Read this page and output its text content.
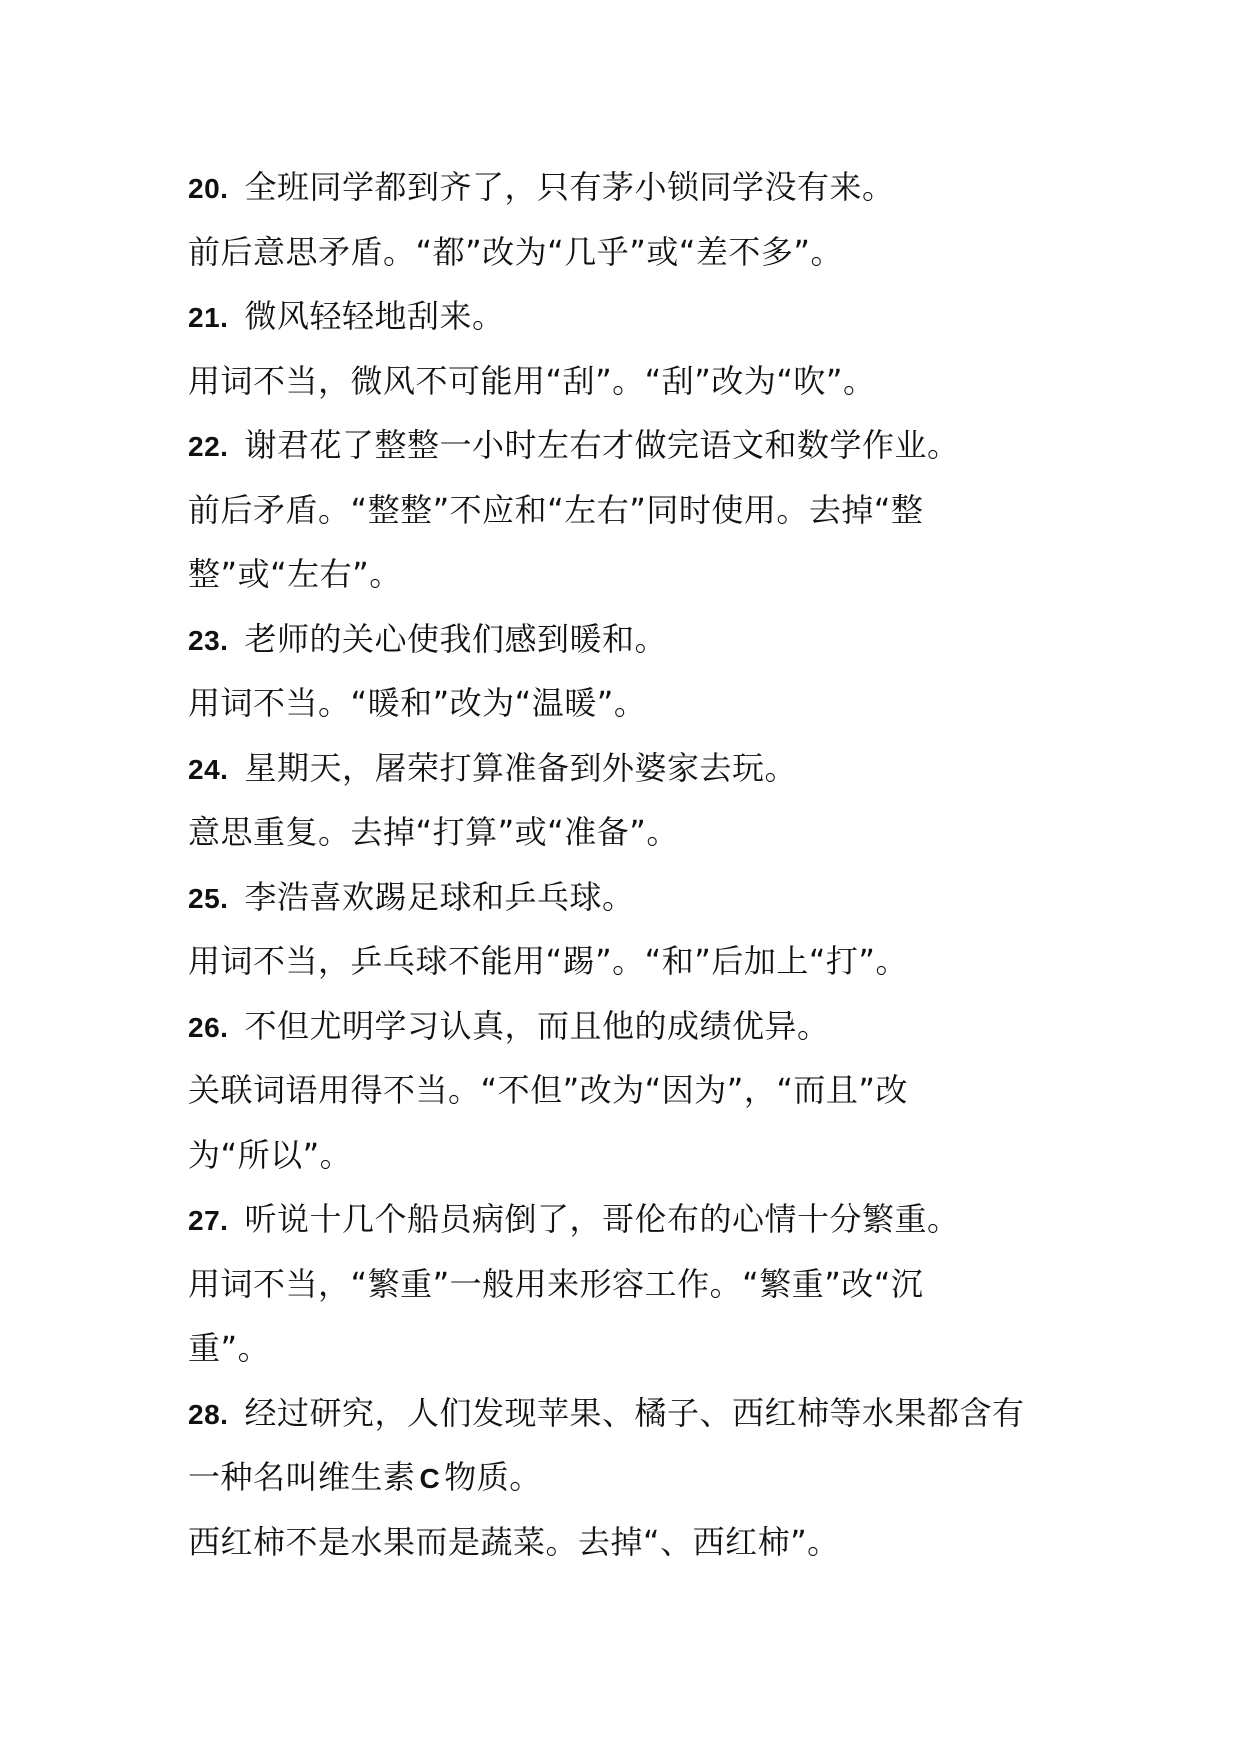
20. 全班同学都到齐了，只有茅小锁同学没有来。
前后意思矛盾。“都”改为“几乎”或“差不多”。
21. 微风轻轻地刮来。
用词不当，微风不可能用“刮”。“刮”改为“吹”。
22. 谢君花了整整一小时左右才做完语文和数学作业。
前后矛盾。“整整”不应和“左右”同时使用。去掉“整
整”或“左右”。
23. 老师的关心使我们感到暖和。
用词不当。“暖和”改为“温暖”。
24. 星期天，屠荣打算准备到外婆家去玩。
意思重复。去掉“打算”或“准备”。
25. 李浩喜欢踢足球和乒乓球。
用词不当，乒乓球不能用“踢”。“和”后加上“打”。
26. 不但尤明学习认真，而且他的成绩优异。
关联词语用得不当。“不但”改为“因为”，“而且”改
为“所以”。
27. 听说十几个船员病倒了，哥伦布的心情十分繁重。
用词不当，“繁重”一般用来形容工作。“繁重”改“沉
重”。
28. 经过研究，人们发现苹果、橘子、西红柿等水果都含有
一种名叫维生素 C 物质。
西红柿不是水果而是蔬菜。去掉“、西红柿”。
